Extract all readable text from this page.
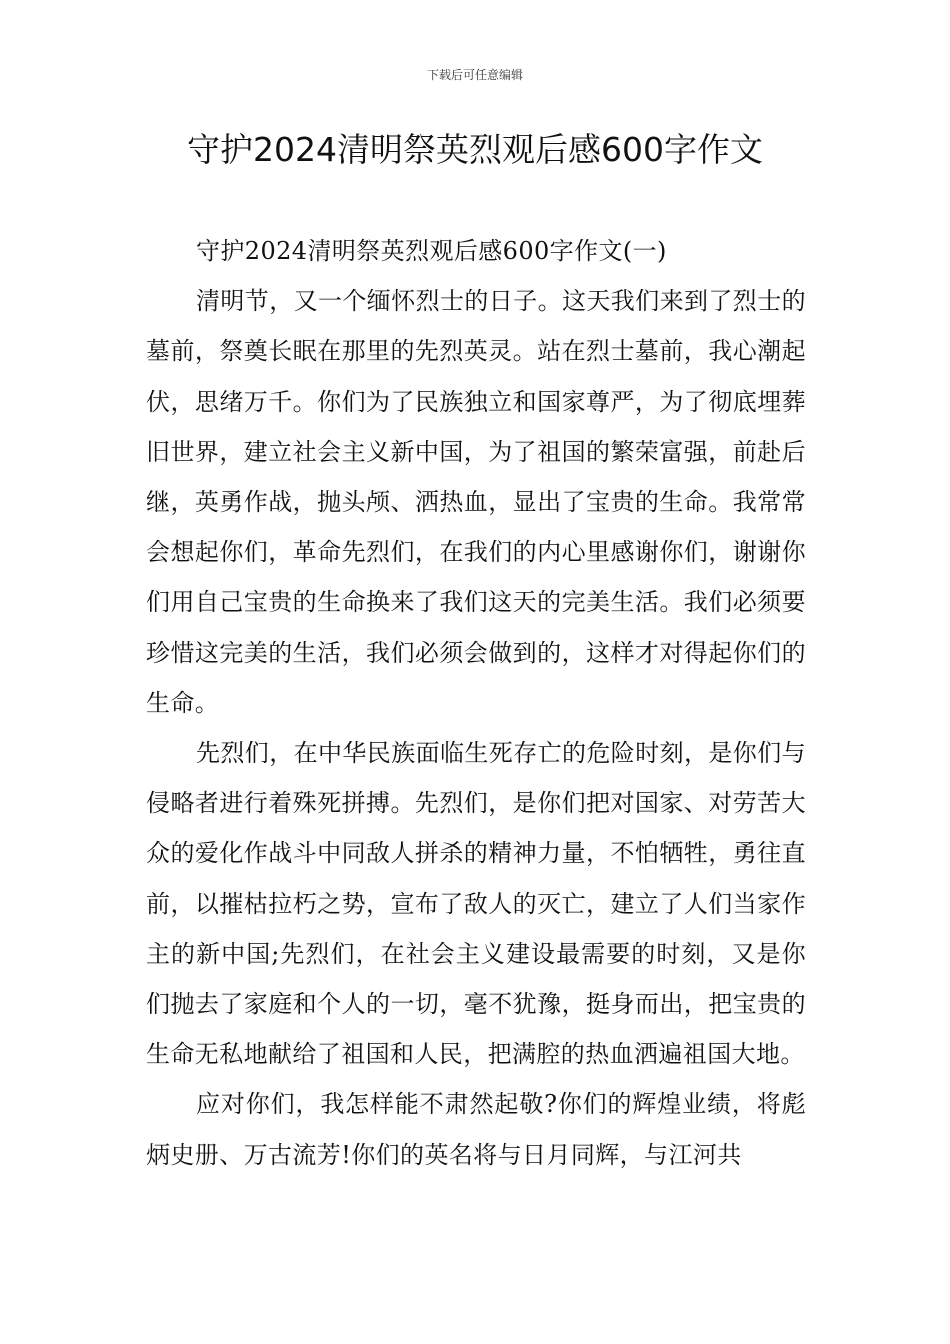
下载后可任意编辑
守护2024清明祭英烈观后感600字作文

守护2024清明祭英烈观后感600字作文(一)

清明节，又一个缅怀烈士的日子。这天我们来到了烈士的墓前，祭奠长眠在那里的先烈英灵。站在烈士墓前，我心潮起伏，思绪万千。你们为了民族独立和国家尊严，为了彻底埋葬旧世界，建立社会主义新中国，为了祖国的繁荣富强，前赴后继，英勇作战，抛头颅、洒热血，显出了宝贵的生命。我常常会想起你们，革命先烈们，在我们的内心里感谢你们，谢谢你们用自己宝贵的生命换来了我们这天的完美生活。我们必须要珍惜这完美的生活，我们必须会做到的，这样才对得起你们的生命。

先烈们，在中华民族面临生死存亡的危险时刻，是你们与侵略者进行着殊死拼搏。先烈们，是你们把对国家、对劳苦大众的爱化作战斗中同敌人拼杀的精神力量，不怕牺牲，勇往直前，以摧枯拉朽之势，宣布了敌人的灭亡，建立了人们当家作主的新中国;先烈们，在社会主义建设最需要的时刻，又是你们抛去了家庭和个人的一切，毫不犹豫，挺身而出，把宝贵的生命无私地献给了祖国和人民，把满腔的热血洒遍祖国大地。

应对你们，我怎样能不肃然起敬?你们的辉煌业绩，将彪炳史册、万古流芳!你们的英名将与日月同辉，与江河共
